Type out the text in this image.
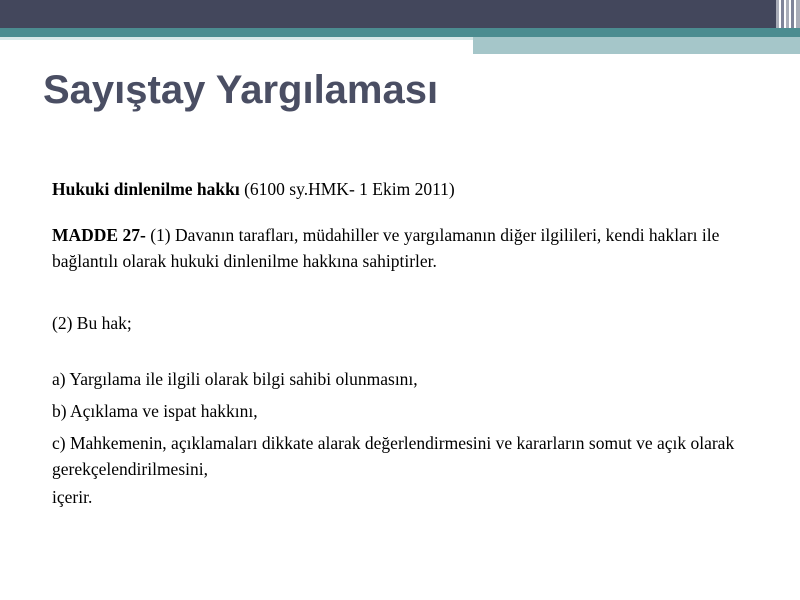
Sayıştay Yargılaması

Hukuki dinlenilme hakkı (6100 sy.HMK- 1 Ekim 2011)

MADDE 27- (1) Davanın tarafları, müdahiller ve yargılamanın diğer ilgilileri, kendi hakları ile bağlantılı olarak hukuki dinlenilme hakkına sahiptirler.

(2) Bu hak;

a) Yargılama ile ilgili olarak bilgi sahibi olunmasını,

b) Açıklama ve ispat hakkını,

c) Mahkemenin, açıklamaları dikkate alarak değerlendirmesini ve kararların somut ve açık olarak gerekçelendirilmesini,

içerir.
